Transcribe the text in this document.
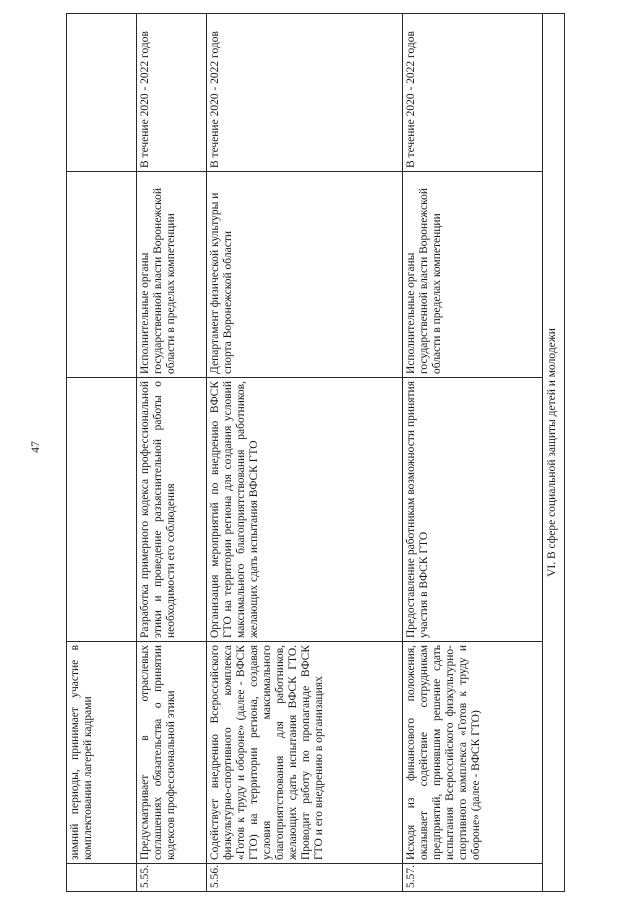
47
	зимний периоды, принимает участие в комплектовании лагерей кадрами			
5.55.	Предусматривает в отраслевых соглашениях обязательства о принятии кодексов профессиональной этики	Разработка примерного кодекса профессиональной этики и проведение разъяснительной работы о необходимости его соблюдения	Исполнительные органы государственной власти Воронежской области в пределах компетенции	В течение 2020 - 2022 годов
5.56.	Содействует внедрению Всероссийского физкультурно-спортивного комплекса «Готов к труду и обороне» (далее - ВФСК ГТО) на территории региона, создавая условия максимального благоприятствования для работников, желающих сдать испытания ВФСК ГТО. Проводит работу по пропаганде ВФСК ГТО и его внедрению в организациях	Организация мероприятий по внедрению ВФСК ГТО на территории региона для создания условий максимального благоприятствования работников, желающих сдать испытания ВФСК ГТО	Департамент физической культуры и спорта Воронежской области	В течение 2020 - 2022 годов
5.57.	Исходя из финансового положения, оказывает содействие сотрудникам предприятий, принявшим решение сдать испытания Всероссийского физкультурно-спортивного комплекса «Готов к труду и обороне» (далее - ВФСК ГТО)	Предоставление работникам возможности принятия участия в ВФСК ГТО	Исполнительные органы государственной власти Воронежской области в пределах компетенции	В течение 2020 - 2022 годов
VI. В сфере социальной защиты детей и молодежи				
